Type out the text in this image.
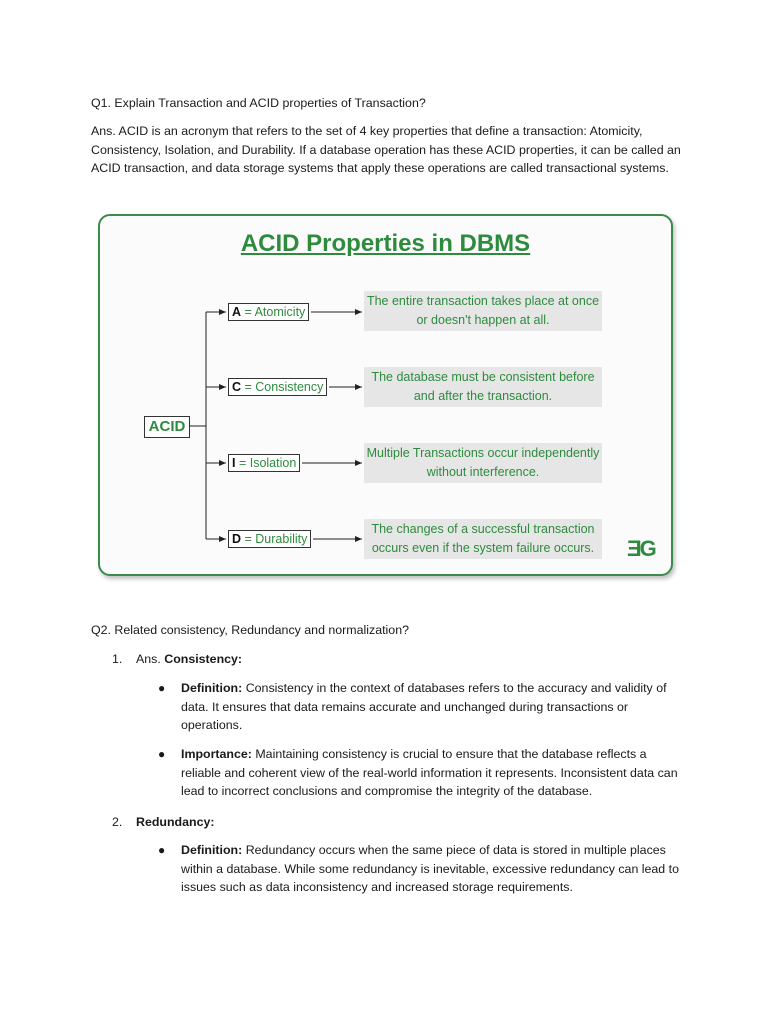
Q1. Explain Transaction and ACID properties of Transaction?
Ans. ACID is an acronym that refers to the set of 4 key properties that define a transaction: Atomicity, Consistency, Isolation, and Durability. If a database operation has these ACID properties, it can be called an ACID transaction, and data storage systems that apply these operations are called transactional systems.
ACID Properties in DBMS
ACID
A = Atomicity
C = Consistency
I = Isolation
D = Durability
The entire transaction takes place at once or doesn't happen at all.
The database must be consistent before and after the transaction.
Multiple Transactions occur independently without interference.
The changes of a successful transaction occurs even if the system failure occurs.	ƎG
Q2. Related consistency, Redundancy and normalization?
1.	Ans. Consistency:
● Definition: Consistency in the context of databases refers to the accuracy and validity of data. It ensures that data remains accurate and unchanged during transactions or operations.
● Importance: Maintaining consistency is crucial to ensure that the database reflects a reliable and coherent view of the real-world information it represents. Inconsistent data can lead to incorrect conclusions and compromise the integrity of the database.
2.	Redundancy:
● Definition: Redundancy occurs when the same piece of data is stored in multiple places within a database. While some redundancy is inevitable, excessive redundancy can lead to issues such as data inconsistency and increased storage requirements.
